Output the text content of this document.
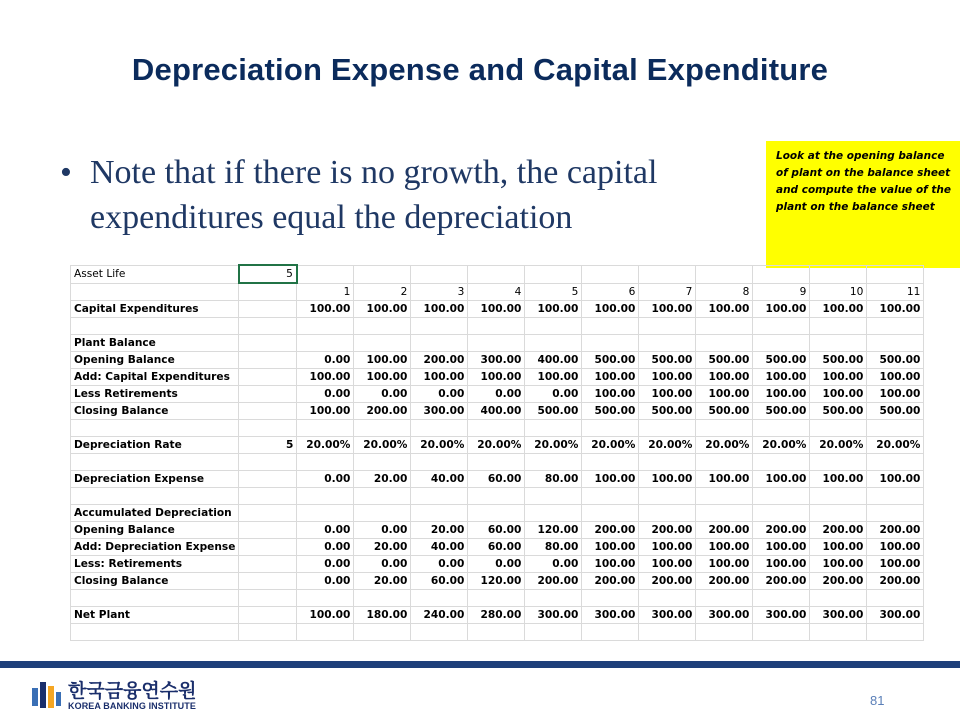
Depreciation Expense and Capital Expenditure
• Note that if there is no growth, the capital expenditures equal the depreciation
Look at the opening balance of plant on the balance sheet and compute the value of the plant on the balance sheet
Asset Life	5											
		1	2	3	4	5	6	7	8	9	10	11
Capital Expenditures		100.00	100.00	100.00	100.00	100.00	100.00	100.00	100.00	100.00	100.00	100.00

Plant Balance												
Opening Balance		0.00	100.00	200.00	300.00	400.00	500.00	500.00	500.00	500.00	500.00	500.00
Add: Capital Expenditures		100.00	100.00	100.00	100.00	100.00	100.00	100.00	100.00	100.00	100.00	100.00
Less Retirements		0.00	0.00	0.00	0.00	0.00	100.00	100.00	100.00	100.00	100.00	100.00
Closing Balance		100.00	200.00	300.00	400.00	500.00	500.00	500.00	500.00	500.00	500.00	500.00

Depreciation Rate	5	20.00%	20.00%	20.00%	20.00%	20.00%	20.00%	20.00%	20.00%	20.00%	20.00%	20.00%

Depreciation Expense		0.00	20.00	40.00	60.00	80.00	100.00	100.00	100.00	100.00	100.00	100.00

Accumulated Depreciation												
Opening Balance		0.00	0.00	20.00	60.00	120.00	200.00	200.00	200.00	200.00	200.00	200.00
Add: Depreciation Expense		0.00	20.00	40.00	60.00	80.00	100.00	100.00	100.00	100.00	100.00	100.00
Less: Retirements		0.00	0.00	0.00	0.00	0.00	100.00	100.00	100.00	100.00	100.00	100.00
Closing Balance		0.00	20.00	60.00	120.00	200.00	200.00	200.00	200.00	200.00	200.00	200.00

Net Plant		100.00	180.00	240.00	280.00	300.00	300.00	300.00	300.00	300.00	300.00	300.00

한국금융연수원
KOREA BANKING INSTITUTE	81
